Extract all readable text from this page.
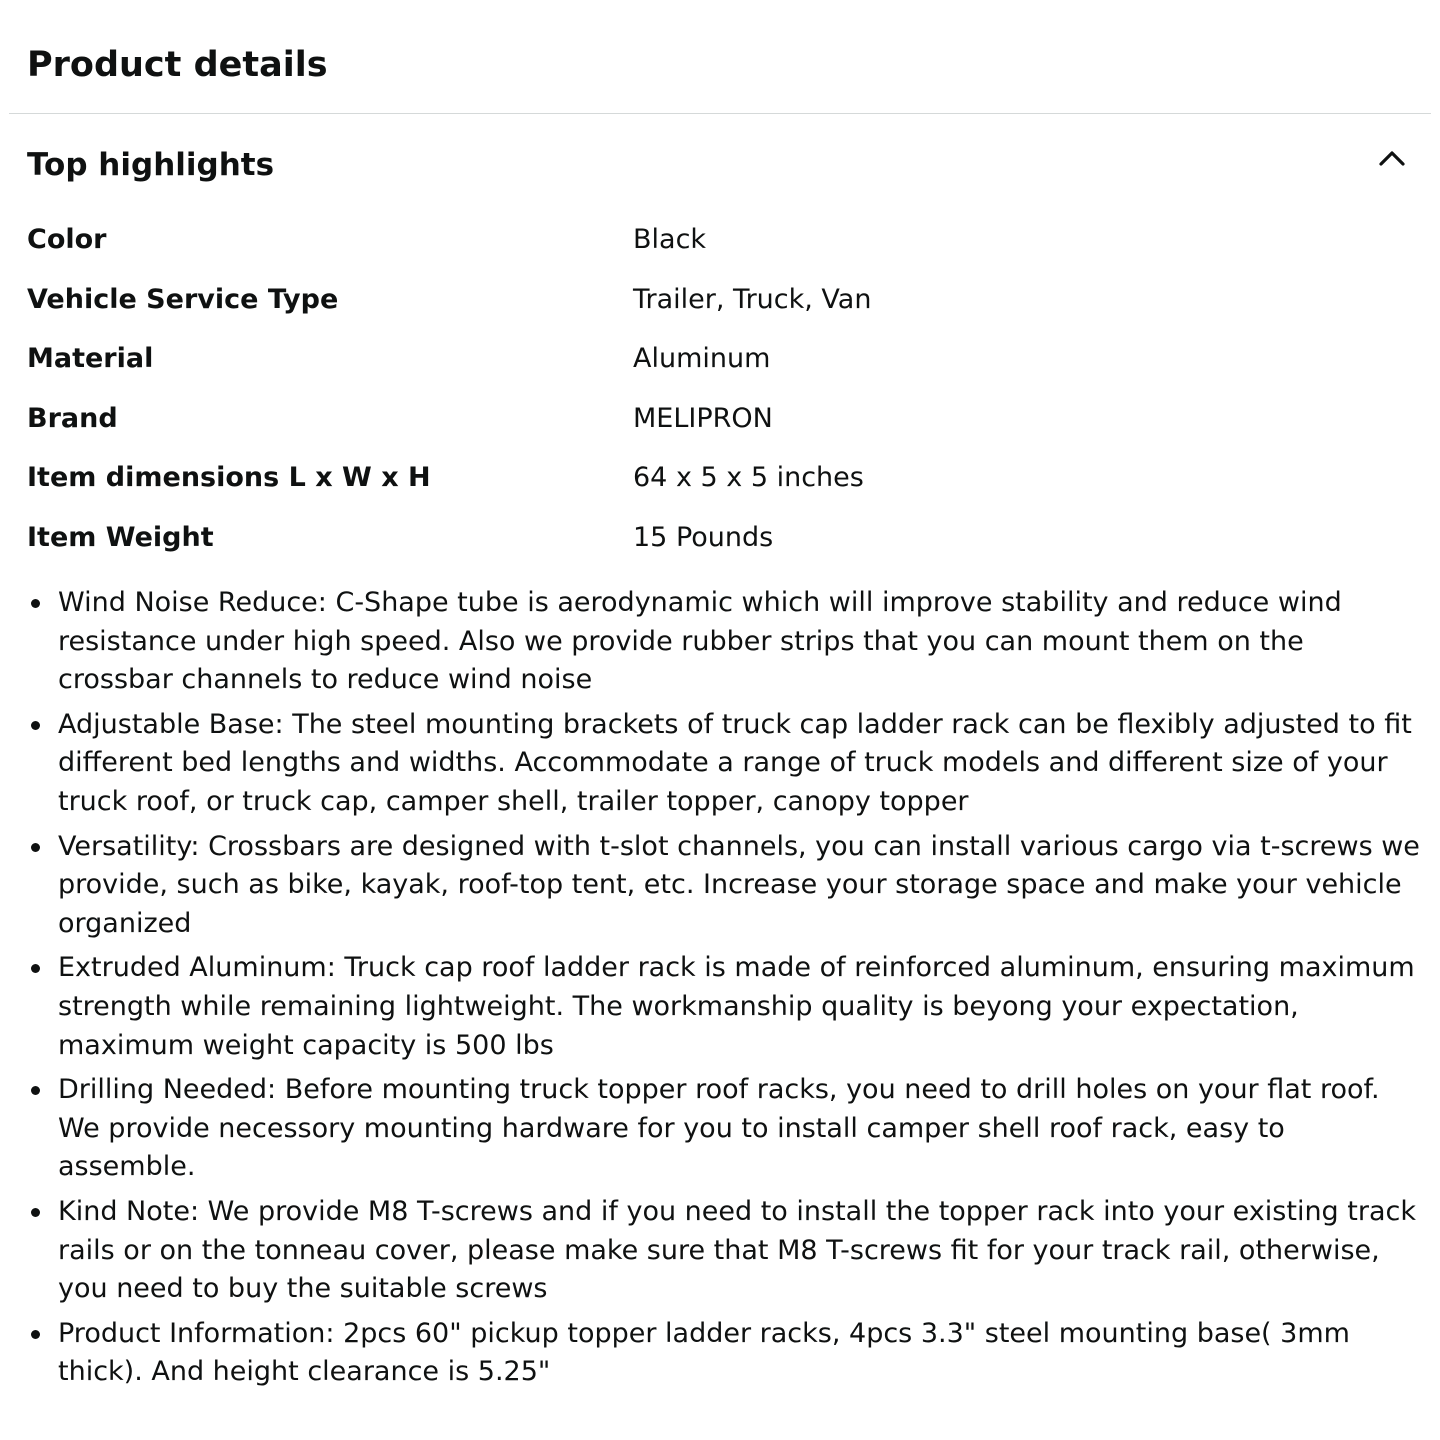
Product details
Top highlights
Color	Black
Vehicle Service Type	Trailer, Truck, Van
Material	Aluminum
Brand	MELIPRON
Item dimensions L x W x H	64 x 5 x 5 inches
Item Weight	15 Pounds
Wind Noise Reduce: C-Shape tube is aerodynamic which will improve stability and reduce wind resistance under high speed. Also we provide rubber strips that you can mount them on the crossbar channels to reduce wind noise
Adjustable Base: The steel mounting brackets of truck cap ladder rack can be flexibly adjusted to fit different bed lengths and widths. Accommodate a range of truck models and different size of your truck roof, or truck cap, camper shell, trailer topper, canopy topper
Versatility: Crossbars are designed with t-slot channels, you can install various cargo via t-screws we provide, such as bike, kayak, roof-top tent, etc. Increase your storage space and make your vehicle organized
Extruded Aluminum: Truck cap roof ladder rack is made of reinforced aluminum, ensuring maximum strength while remaining lightweight. The workmanship quality is beyong your expectation, maximum weight capacity is 500 lbs
Drilling Needed: Before mounting truck topper roof racks, you need to drill holes on your flat roof. We provide necessory mounting hardware for you to install camper shell roof rack, easy to assemble.
Kind Note: We provide M8 T-screws and if you need to install the topper rack into your existing track rails or on the tonneau cover, please make sure that M8 T-screws fit for your track rail, otherwise, you need to buy the suitable screws
Product Information: 2pcs 60" pickup topper ladder racks, 4pcs 3.3" steel mounting base( 3mm thick). And height clearance is 5.25"
